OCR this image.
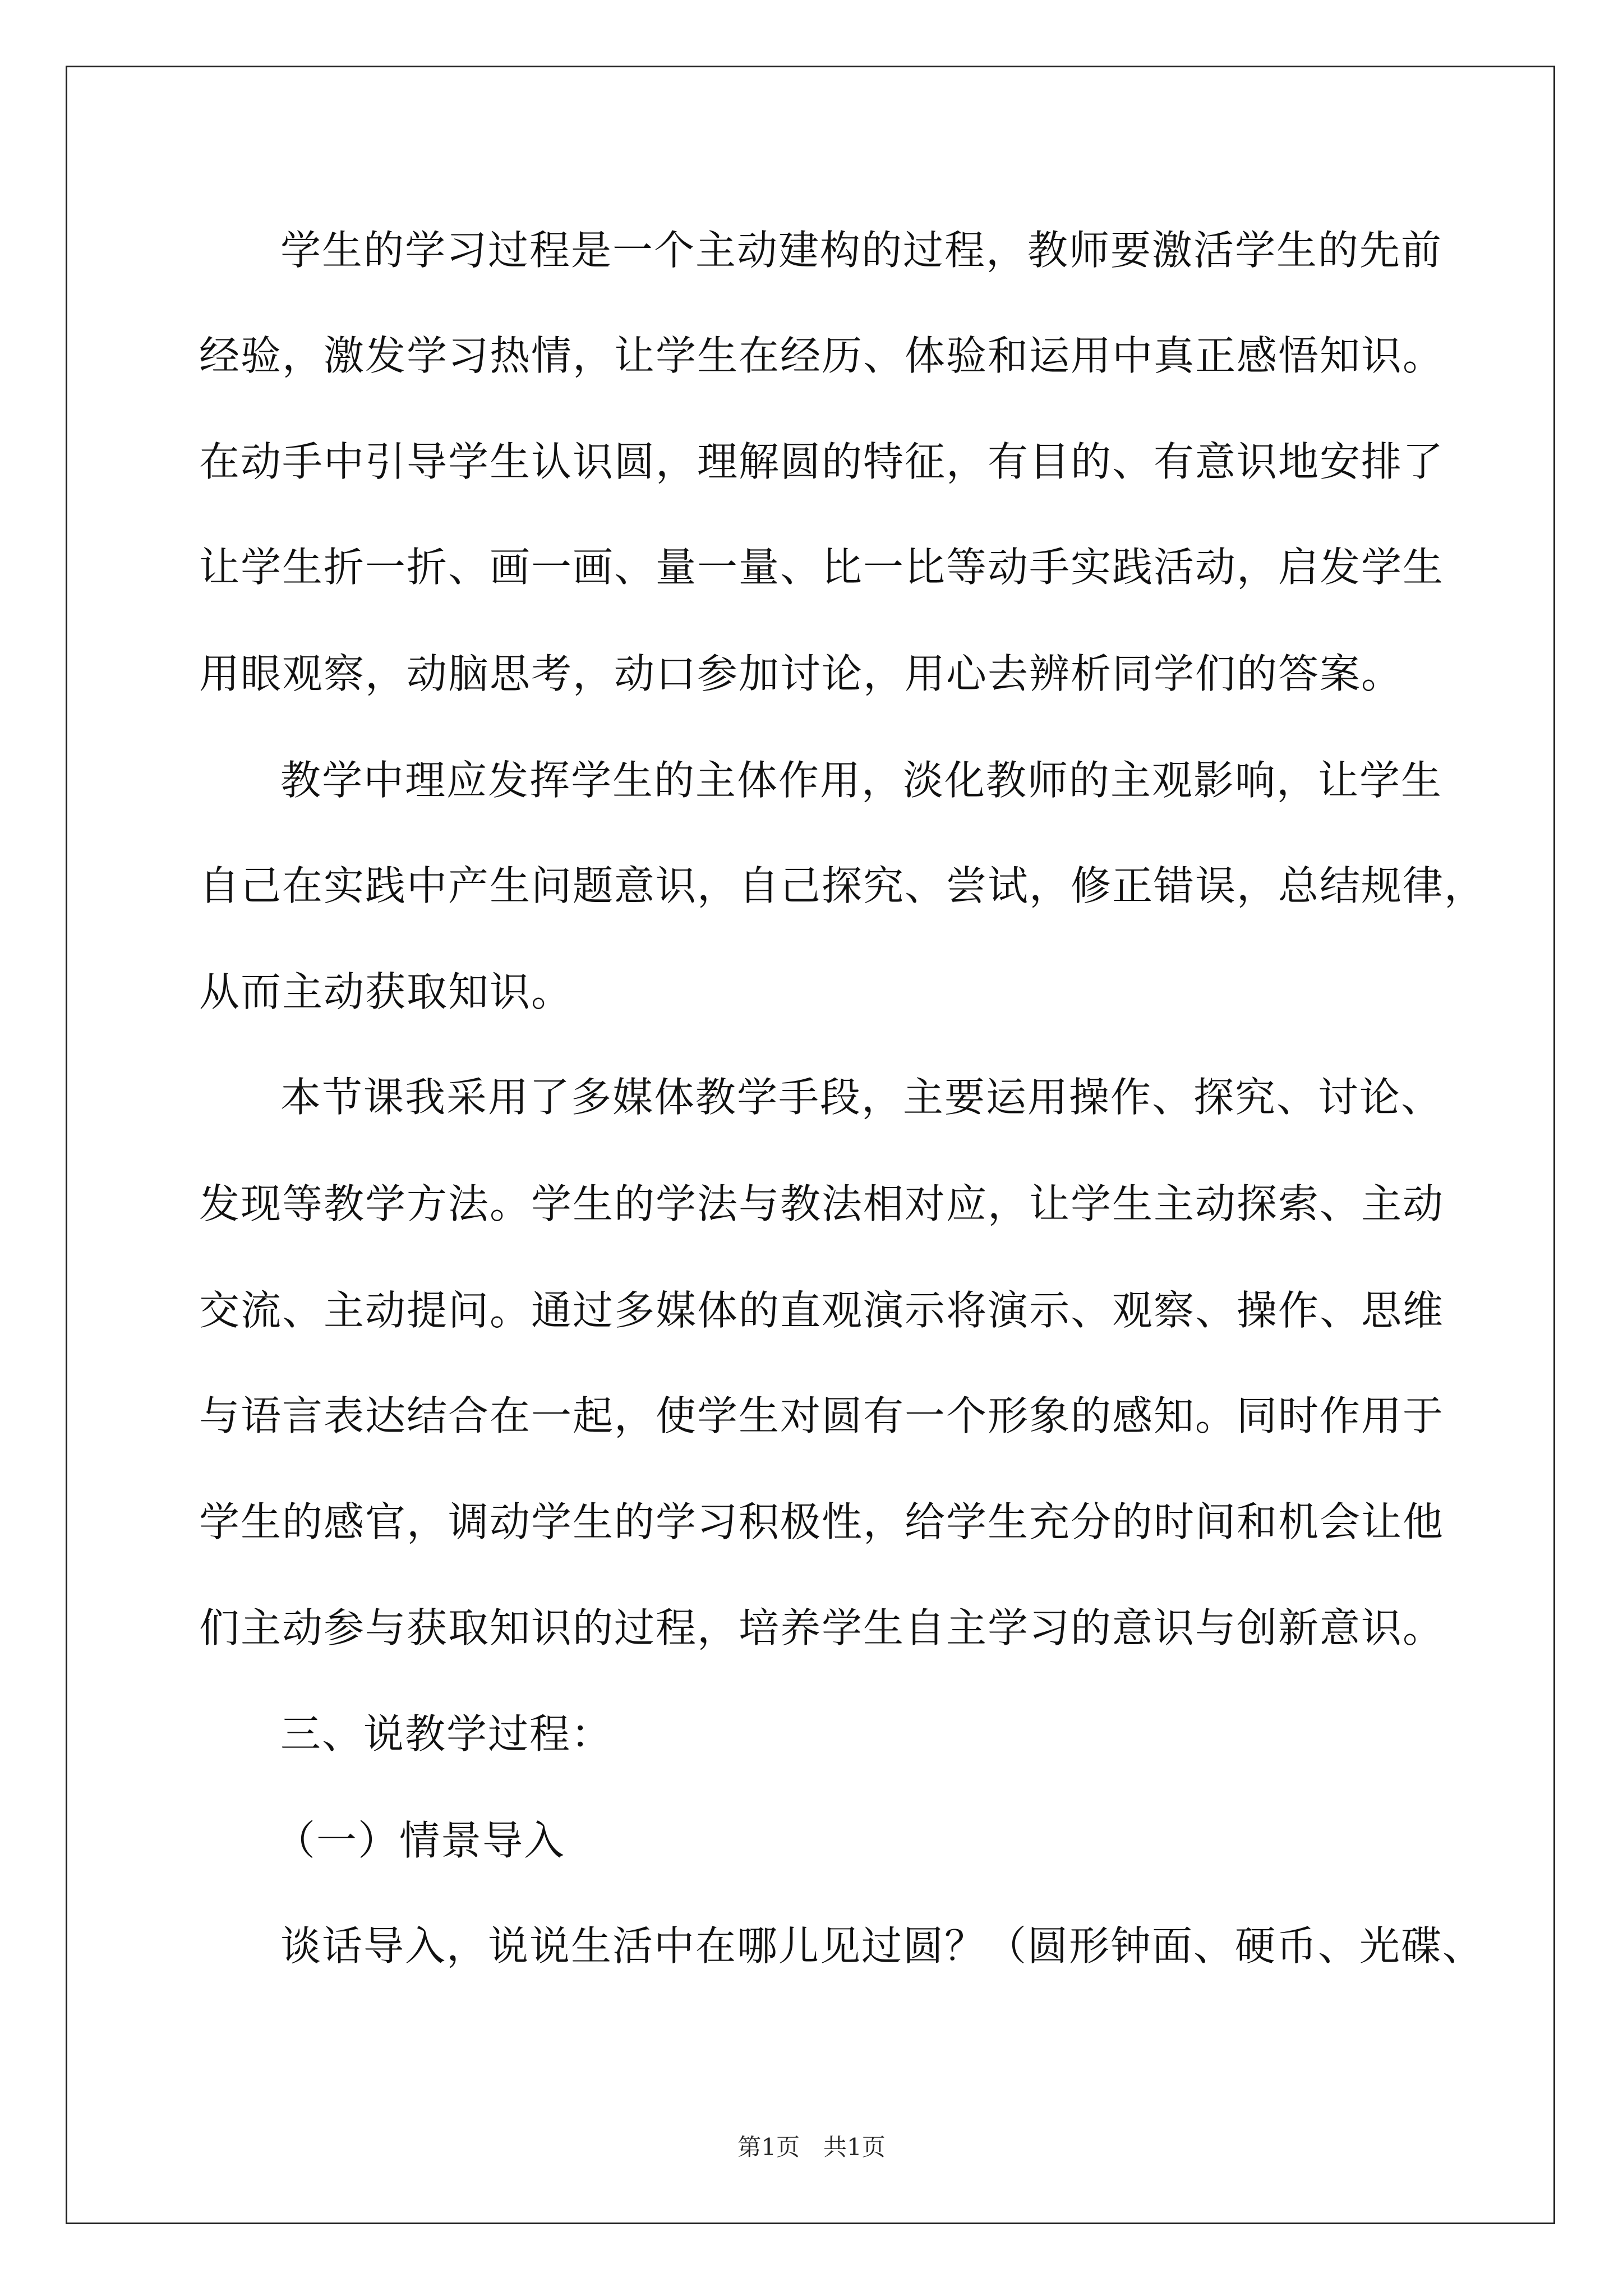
学生的学习过程是一个主动建构的过程，教师要激活学生的先前
经验，激发学习热情，让学生在经历、体验和运用中真正感悟知识。
在动手中引导学生认识圆，理解圆的特征，有目的、有意识地安排了
让学生折一折、画一画、量一量、比一比等动手实践活动，启发学生
用眼观察，动脑思考，动口参加讨论，用心去辨析同学们的答案。
教学中理应发挥学生的主体作用，淡化教师的主观影响，让学生
自己在实践中产生问题意识，自己探究、尝试，修正错误，总结规律，
从而主动获取知识。
本节课我采用了多媒体教学手段，主要运用操作、探究、讨论、
发现等教学方法。学生的学法与教法相对应，让学生主动探索、主动
交流、主动提问。通过多媒体的直观演示将演示、观察、操作、思维
与语言表达结合在一起，使学生对圆有一个形象的感知。同时作用于
学生的感官，调动学生的学习积极性，给学生充分的时间和机会让他
们主动参与获取知识的过程，培养学生自主学习的意识与创新意识。
三、说教学过程：
（一）情景导入
谈话导入，说说生活中在哪儿见过圆？（圆形钟面、硬币、光碟、
第1页　共1页
